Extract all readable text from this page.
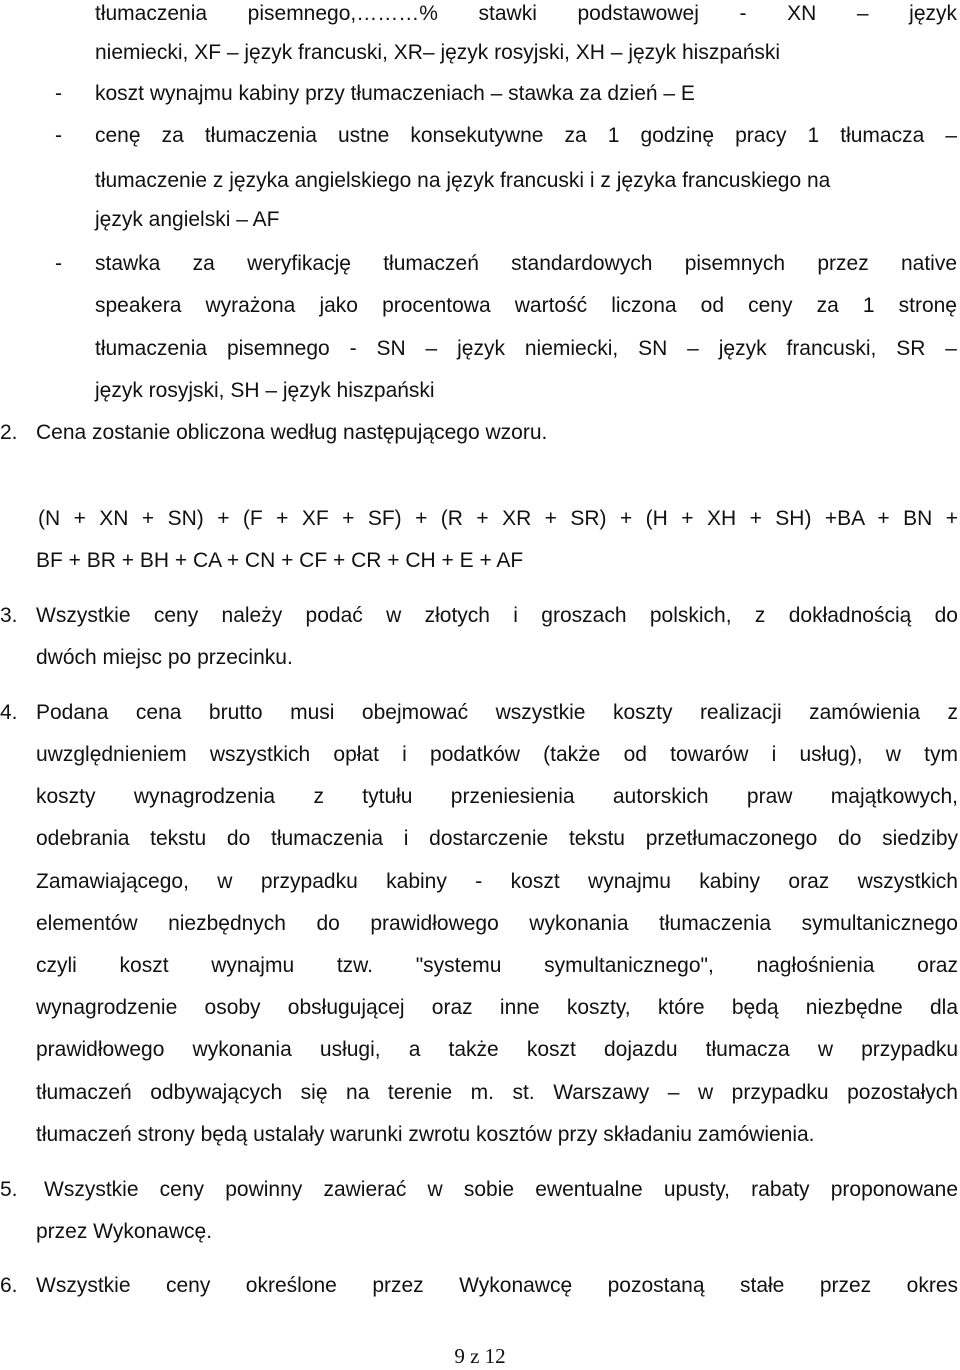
tłumaczenia pisemnego,………% stawki podstawowej - XN – język
niemiecki, XF – język francuski, XR– język rosyjski, XH – język hiszpański
- koszt wynajmu kabiny przy tłumaczeniach – stawka za dzień – E
- cenę za tłumaczenia ustne konsekutywne za 1 godzinę pracy 1 tłumacza –
tłumaczenie z języka angielskiego na język francuski i z języka francuskiego na
język angielski – AF
- stawka za weryfikację tłumaczeń standardowych pisemnych przez native
speakera wyrażona jako procentowa wartość liczona od ceny za 1 stronę
tłumaczenia pisemnego - SN – język niemiecki, SN – język francuski, SR –
język rosyjski, SH – język hiszpański
2. Cena zostanie obliczona według następującego wzoru.
(N + XN + SN) + (F + XF + SF) + (R + XR + SR) + (H + XH + SH) +BA + BN +
BF + BR + BH + CA + CN + CF + CR + CH + E + AF
3. Wszystkie ceny należy podać w złotych i groszach polskich, z dokładnością do
dwóch miejsc po przecinku.
4. Podana cena brutto musi obejmować wszystkie koszty realizacji zamówienia z
uwzględnieniem wszystkich opłat i podatków (także od towarów i usług), w tym
koszty wynagrodzenia z tytułu przeniesienia autorskich praw majątkowych,
odebrania tekstu do tłumaczenia i dostarczenie tekstu przetłumaczonego do siedziby
Zamawiającego, w przypadku kabiny - koszt wynajmu kabiny oraz wszystkich
elementów niezbędnych do prawidłowego wykonania tłumaczenia symultanicznego
czyli koszt wynajmu tzw. "systemu symultanicznego", nagłośnienia oraz
wynagrodzenie osoby obsługującej oraz inne koszty, które będą niezbędne dla
prawidłowego wykonania usługi, a także koszt dojazdu tłumacza w przypadku
tłumaczeń odbywających się na terenie m. st. Warszawy – w przypadku pozostałych
tłumaczeń strony będą ustalały warunki zwrotu kosztów przy składaniu zamówienia.
5. Wszystkie ceny powinny zawierać w sobie ewentualne upusty, rabaty proponowane
przez Wykonawcę.
6. Wszystkie ceny określone przez Wykonawcę pozostaną stałe przez okres
9 z 12
